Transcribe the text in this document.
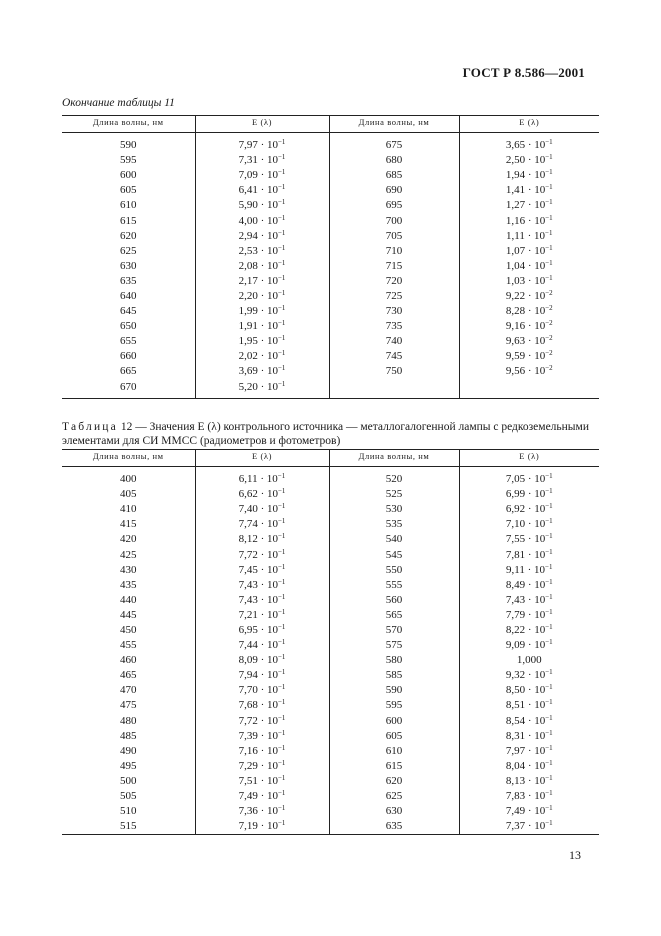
ГОСТ Р 8.586—2001
Окончание таблицы 11
Длина волны, нм	E (λ)	Длина волны, нм	E (λ)
590	$7,97 \cdot 10^{-1}$	675	$3,65 \cdot 10^{-1}$
595	$7,31 \cdot 10^{-1}$	680	$2,50 \cdot 10^{-1}$
600	$7,09 \cdot 10^{-1}$	685	$1,94 \cdot 10^{-1}$
605	$6,41 \cdot 10^{-1}$	690	$1,41 \cdot 10^{-1}$
610	$5,90 \cdot 10^{-1}$	695	$1,27 \cdot 10^{-1}$
615	$4,00 \cdot 10^{-1}$	700	$1,16 \cdot 10^{-1}$
620	$2,94 \cdot 10^{-1}$	705	$1,11 \cdot 10^{-1}$
625	$2,53 \cdot 10^{-1}$	710	$1,07 \cdot 10^{-1}$
630	$2,08 \cdot 10^{-1}$	715	$1,04 \cdot 10^{-1}$
635	$2,17 \cdot 10^{-1}$	720	$1,03 \cdot 10^{-1}$
640	$2,20 \cdot 10^{-1}$	725	$9,22 \cdot 10^{-2}$
645	$1,99 \cdot 10^{-1}$	730	$8,28 \cdot 10^{-2}$
650	$1,91 \cdot 10^{-1}$	735	$9,16 \cdot 10^{-2}$
655	$1,95 \cdot 10^{-1}$	740	$9,63 \cdot 10^{-2}$
660	$2,02 \cdot 10^{-1}$	745	$9,59 \cdot 10^{-2}$
665	$3,69 \cdot 10^{-1}$	750	$9,56 \cdot 10^{-2}$
670	$5,20 \cdot 10^{-1}$		
Таблица 12 — Значения E (λ) контрольного источника — металлогалогенной лампы с редкоземельными элементами для СИ ММСС (радиометров и фотометров)
Длина волны, нм	E (λ)	Длина волны, нм	E (λ)
400	$6,11 \cdot 10^{-1}$	520	$7,05 \cdot 10^{-1}$
405	$6,62 \cdot 10^{-1}$	525	$6,99 \cdot 10^{-1}$
410	$7,40 \cdot 10^{-1}$	530	$6,92 \cdot 10^{-1}$
415	$7,74 \cdot 10^{-1}$	535	$7,10 \cdot 10^{-1}$
420	$8,12 \cdot 10^{-1}$	540	$7,55 \cdot 10^{-1}$
425	$7,72 \cdot 10^{-1}$	545	$7,81 \cdot 10^{-1}$
430	$7,45 \cdot 10^{-1}$	550	$9,11 \cdot 10^{-1}$
435	$7,43 \cdot 10^{-1}$	555	$8,49 \cdot 10^{-1}$
440	$7,43 \cdot 10^{-1}$	560	$7,43 \cdot 10^{-1}$
445	$7,21 \cdot 10^{-1}$	565	$7,79 \cdot 10^{-1}$
450	$6,95 \cdot 10^{-1}$	570	$8,22 \cdot 10^{-1}$
455	$7,44 \cdot 10^{-1}$	575	$9,09 \cdot 10^{-1}$
460	$8,09 \cdot 10^{-1}$	580	1,000
465	$7,94 \cdot 10^{-1}$	585	$9,32 \cdot 10^{-1}$
470	$7,70 \cdot 10^{-1}$	590	$8,50 \cdot 10^{-1}$
475	$7,68 \cdot 10^{-1}$	595	$8,51 \cdot 10^{-1}$
480	$7,72 \cdot 10^{-1}$	600	$8,54 \cdot 10^{-1}$
485	$7,39 \cdot 10^{-1}$	605	$8,31 \cdot 10^{-1}$
490	$7,16 \cdot 10^{-1}$	610	$7,97 \cdot 10^{-1}$
495	$7,29 \cdot 10^{-1}$	615	$8,04 \cdot 10^{-1}$
500	$7,51 \cdot 10^{-1}$	620	$8,13 \cdot 10^{-1}$
505	$7,49 \cdot 10^{-1}$	625	$7,83 \cdot 10^{-1}$
510	$7,36 \cdot 10^{-1}$	630	$7,49 \cdot 10^{-1}$
515	$7,19 \cdot 10^{-1}$	635	$7,37 \cdot 10^{-1}$
13
